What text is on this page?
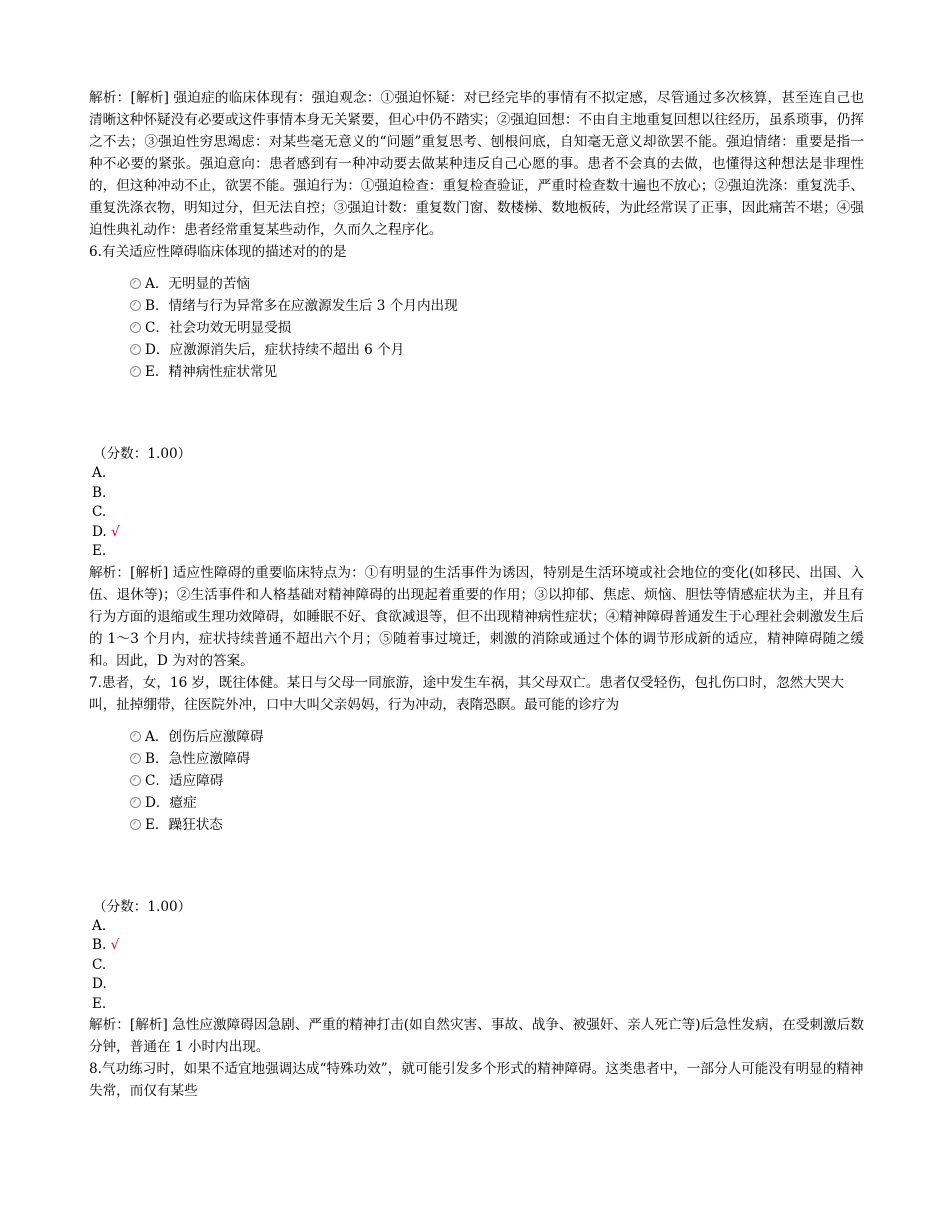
解析：[解析] 强迫症的临床体现有：强迫观念：①强迫怀疑：对已经完毕的事情有不拟定感，尽管通过多次核算，甚至连自己也清晰这种怀疑没有必要或这件事情本身无关紧要，但心中仍不踏实；②强迫回想：不由自主地重复回想以往经历，虽系琐事，仍挥之不去；③强迫性穷思竭虑：对某些毫无意义的“问题”重复思考、刨根问底，自知毫无意义却欲罢不能。强迫情绪：重要是指一种不必要的紧张。强迫意向：患者感到有一种冲动要去做某种违反自己心愿的事。患者不会真的去做，也懂得这种想法是非理性的，但这种冲动不止，欲罢不能。强迫行为：①强迫检查：重复检查验证，严重时检查数十遍也不放心；②强迫洗涤：重复洗手、重复洗涤衣物，明知过分，但无法自控；③强迫计数：重复数门窗、数楼梯、数地板砖，为此经常误了正事，因此痛苦不堪；④强迫性典礼动作：患者经常重复某些动作，久而久之程序化。

6.有关适应性障碍临床体现的描述对的的是

A．无明显的苦恼
B．情绪与行为异常多在应激源发生后 3 个月内出现
C．社会功效无明显受损
D．应激源消失后，症状持续不超出 6 个月
E．精神病性症状常见
（分数：1.00）
A.
B.
C.
D. √
E.

解析：[解析] 适应性障碍的重要临床特点为：①有明显的生活事件为诱因，特别是生活环境或社会地位的变化(如移民、出国、入伍、退休等)；②生活事件和人格基础对精神障碍的出现起着重要的作用；③以抑郁、焦虑、烦恼、胆怯等情感症状为主，并且有行为方面的退缩或生理功效障碍，如睡眠不好、食欲减退等，但不出现精神病性症状；④精神障碍普通发生于心理社会刺激发生后的 1～3 个月内，症状持续普通不超出六个月；⑤随着事过境迁，刺激的消除或通过个体的调节形成新的适应，精神障碍随之缓和。因此，D 为对的答案。

7.患者，女，16 岁，既往体健。某日与父母一同旅游，途中发生车祸，其父母双亡。患者仅受轻伤，包扎伤口时，忽然大哭大叫，扯掉绷带，往医院外冲，口中大叫父亲妈妈，行为冲动，表隋恐瞑。最可能的诊疗为

A．创伤后应激障碍
B．急性应激障碍
C．适应障碍
D．癔症
E．躁狂状态
（分数：1.00）
A.
B. √
C.
D.
E.

解析：[解析] 急性应激障碍因急剧、严重的精神打击(如自然灾害、事故、战争、被强奸、亲人死亡等)后急性发病，在受刺激后数分钟，普通在 1 小时内出现。

8.气功练习时，如果不适宜地强调达成“特殊功效”，就可能引发多个形式的精神障碍。这类患者中，一部分人可能没有明显的精神失常，而仅有某些
